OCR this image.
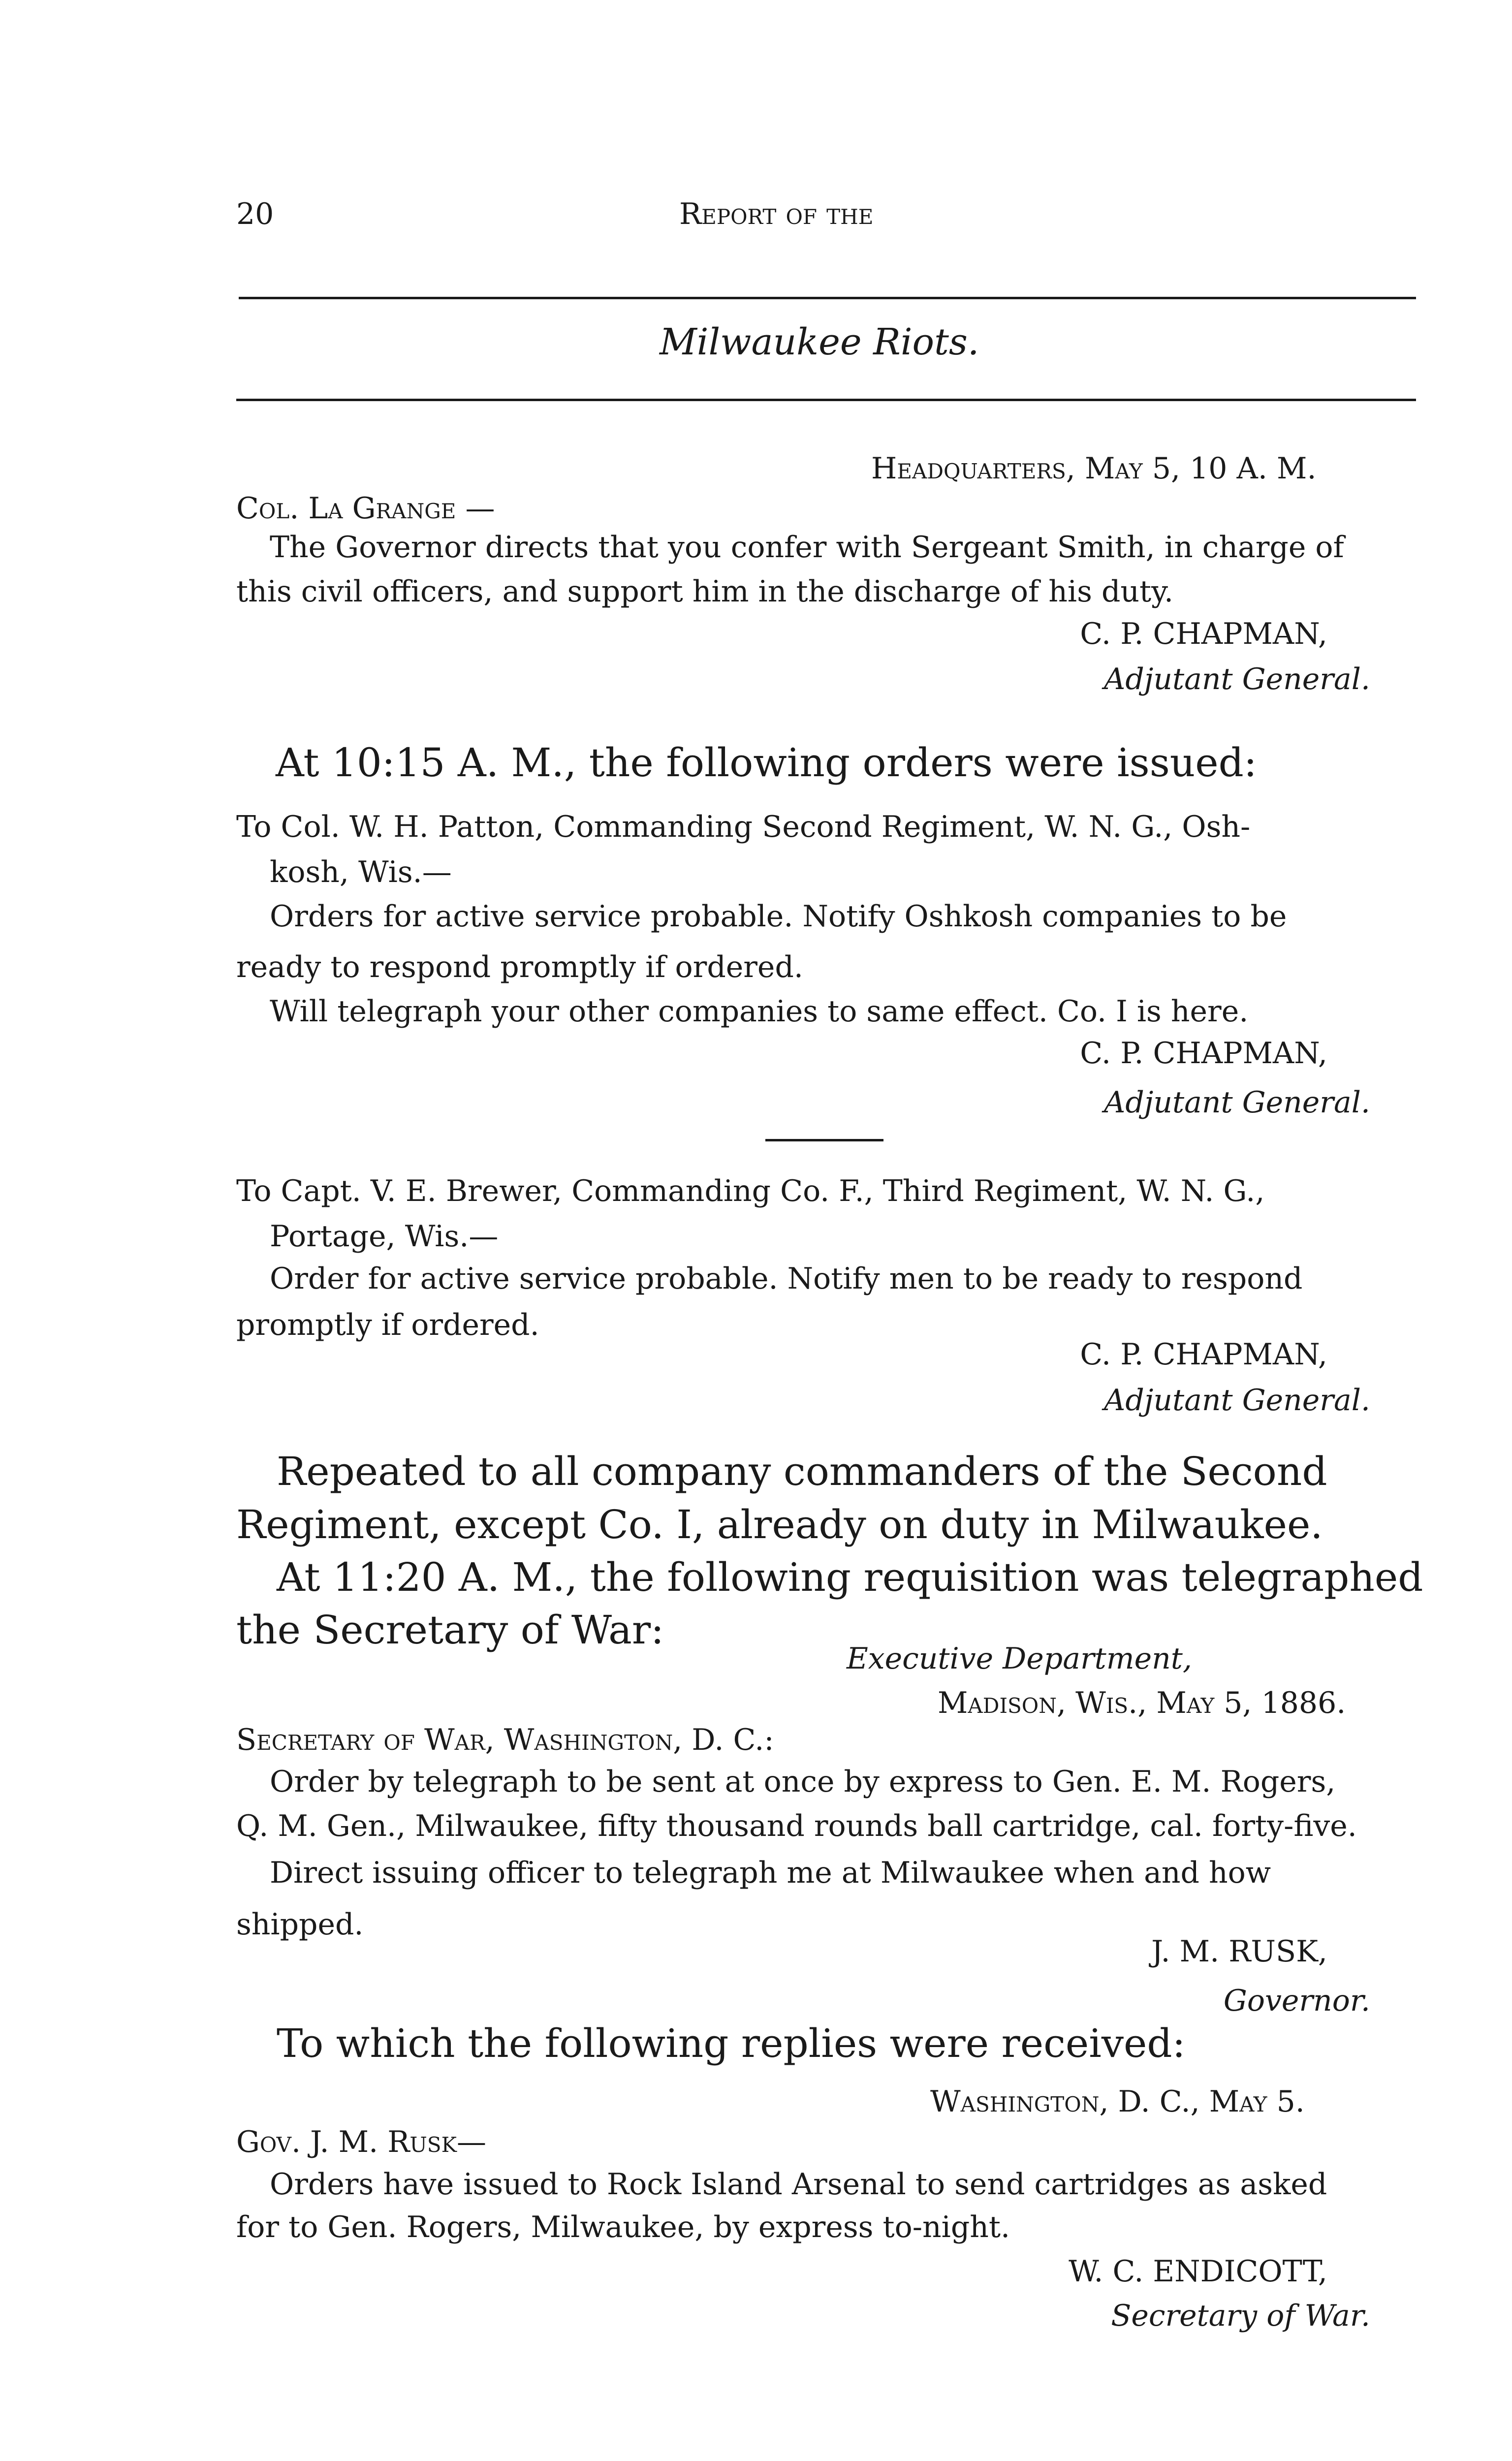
20	Report of the
Milwaukee Riots.
Headquarters, May 5, 10 A. M.
Col. La Grange —
The Governor directs that you confer with Sergeant Smith, in charge of
this civil officers, and support him in the discharge of his duty.
C. P. CHAPMAN,
Adjutant General.
At 10:15 A. M., the following orders were issued:
To Col. W. H. Patton, Commanding Second Regiment, W. N. G., Osh-
kosh, Wis.—
Orders for active service probable. Notify Oshkosh companies to be
ready to respond promptly if ordered.
Will telegraph your other companies to same effect. Co. I is here.
C. P. CHAPMAN,
Adjutant General.
To Capt. V. E. Brewer, Commanding Co. F., Third Regiment, W. N. G.,
Portage, Wis.—
Order for active service probable. Notify men to be ready to respond
promptly if ordered.
C. P. CHAPMAN,
Adjutant General.
Repeated to all company commanders of the Second
Regiment, except Co. I, already on duty in Milwaukee.
At 11:20 A. M., the following requisition was telegraphed
the Secretary of War:
Executive Department,
Madison, Wis., May 5, 1886.
Secretary of War, Washington, D. C.:
Order by telegraph to be sent at once by express to Gen. E. M. Rogers,
Q. M. Gen., Milwaukee, fifty thousand rounds ball cartridge, cal. forty-five.
Direct issuing officer to telegraph me at Milwaukee when and how
shipped.
J. M. RUSK,
Governor.
To which the following replies were received:
Washington, D. C., May 5.
Gov. J. M. Rusk—
Orders have issued to Rock Island Arsenal to send cartridges as asked
for to Gen. Rogers, Milwaukee, by express to-night.
W. C. ENDICOTT,
Secretary of War.
